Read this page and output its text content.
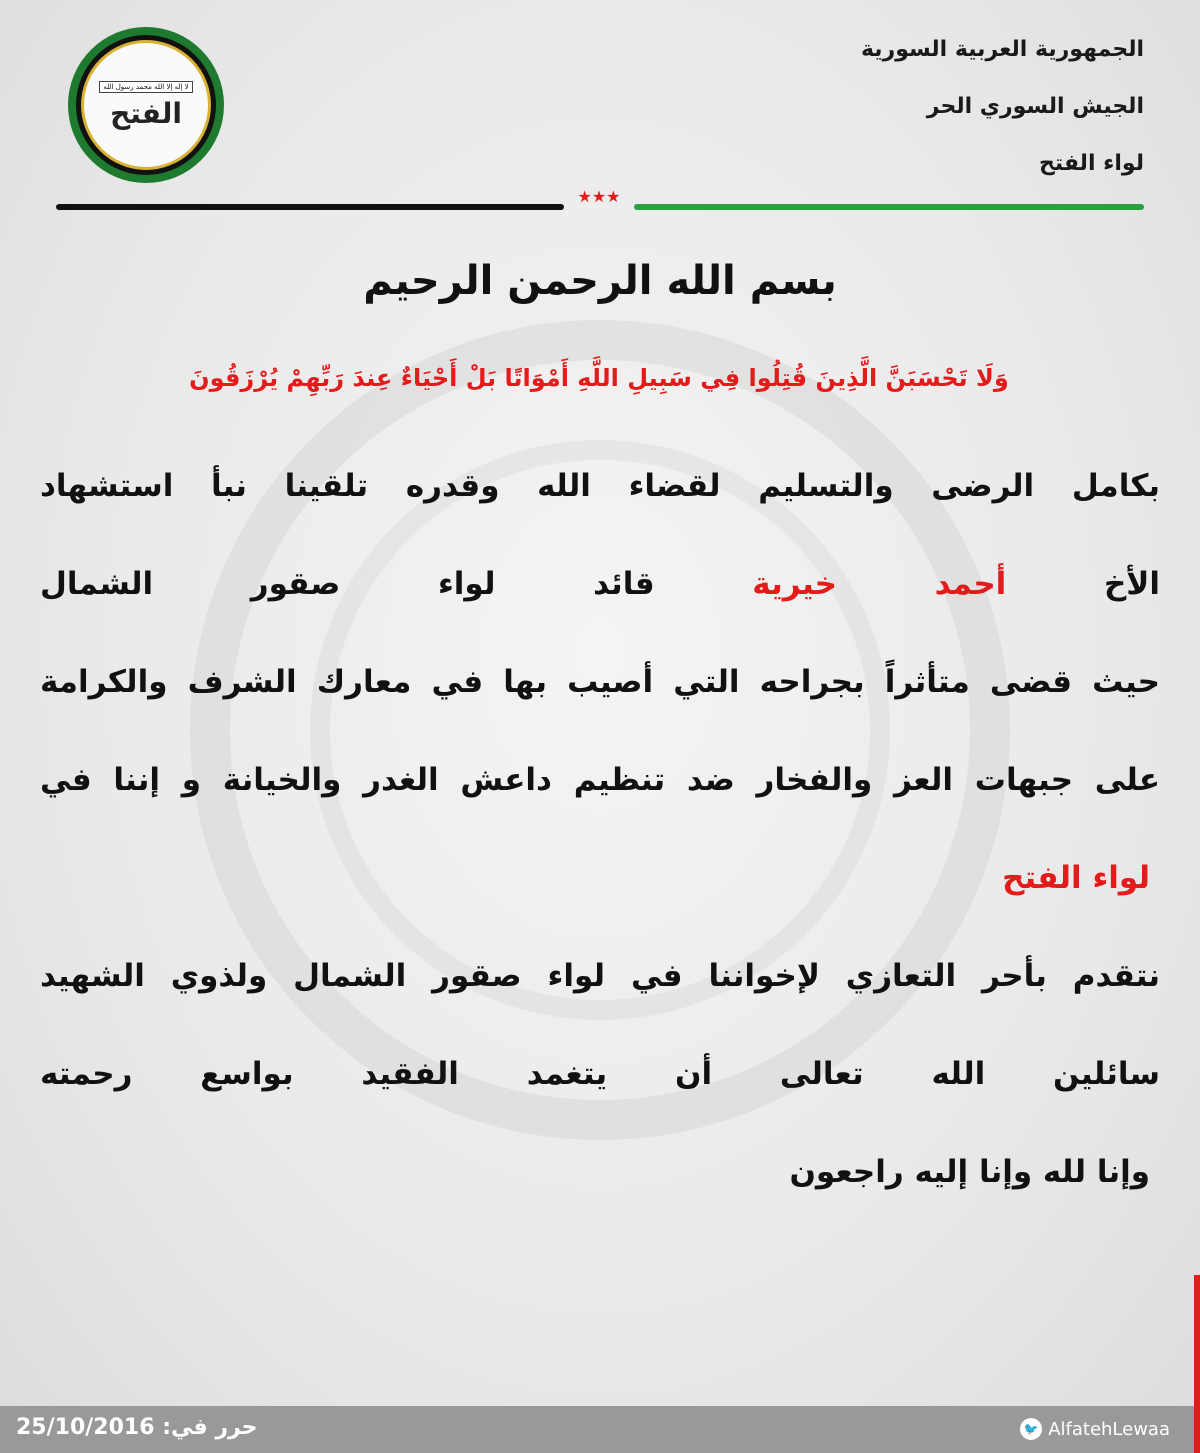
لا إله إلا الله محمد رسول الله
الفتح
الجمهورية العربية السورية
الجيش السوري الحر
لواء الفتح
★★★
بسم الله الرحمن الرحيم
وَلَا تَحْسَبَنَّ الَّذِينَ قُتِلُوا فِي سَبِيلِ اللَّهِ أَمْوَاتًا بَلْ أَحْيَاءٌ عِندَ رَبِّهِمْ يُرْزَقُونَ
بكامل الرضى والتسليم لقضاء الله وقدره تلقينا نبأ استشهاد
الأخ أحمد خيرية قائد لواء صقور الشمال
حيث قضى متأثراً بجراحه التي أصيب بها في معارك الشرف والكرامة
على جبهات العز والفخار ضد تنظيم داعش الغدر والخيانة و إننا في
لواء الفتح
نتقدم بأحر التعازي لإخواننا في لواء صقور الشمال ولذوي الشهيد
سائلين الله تعالى أن يتغمد الفقيد بواسع رحمته
وإنا لله وإنا إليه راجعون
حرر في: 25/10/2016	🐦 AlfatehLewaa
